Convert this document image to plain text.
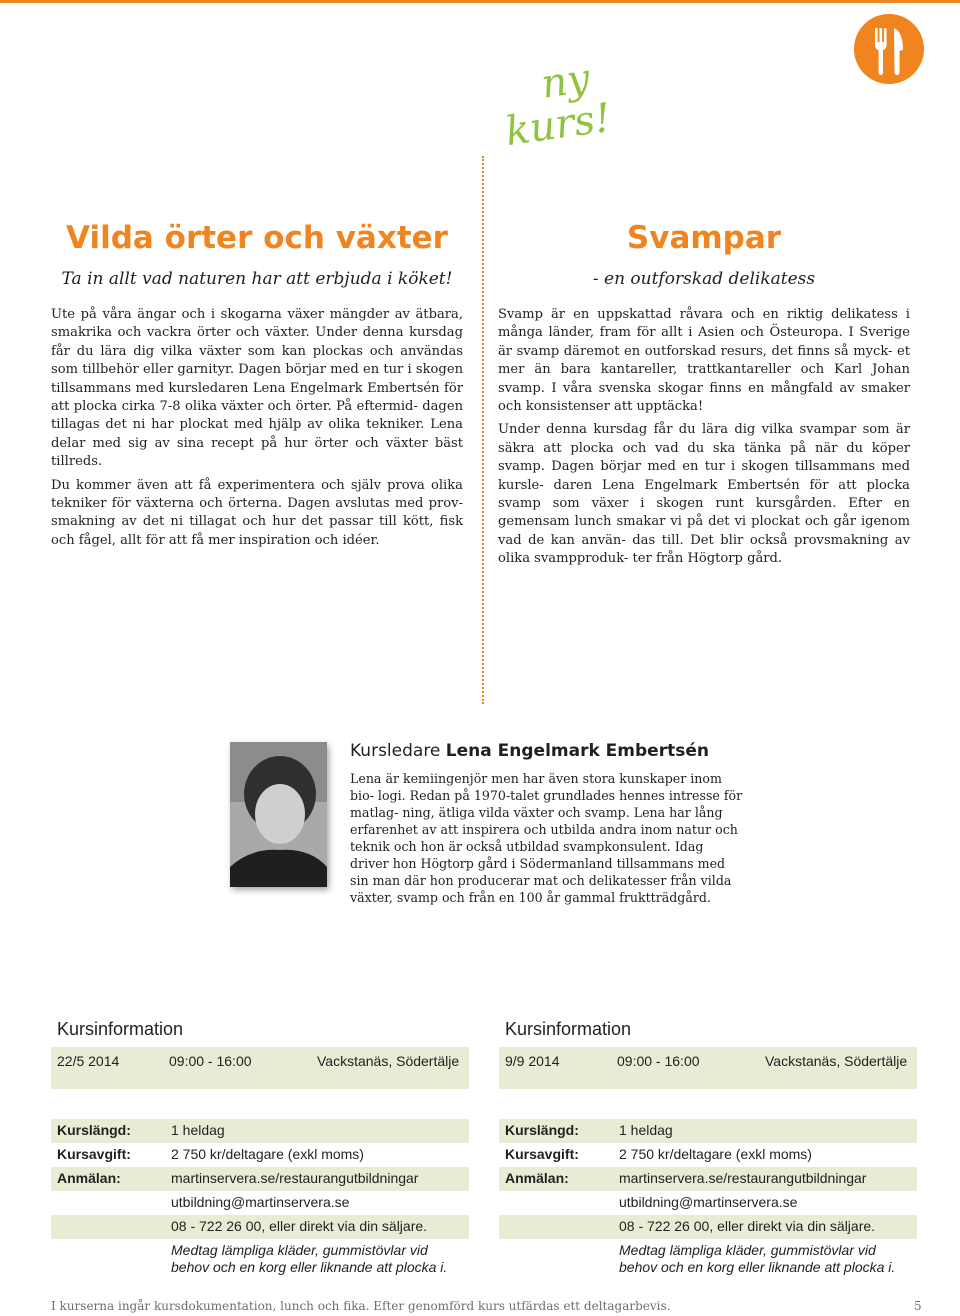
ny
kurs!
Vilda örter och växter

Ta in allt vad naturen har att erbjuda i köket!

Ute på våra ängar och i skogarna växer mängder av ätbara, smakrika och vackra örter och växter. Under denna kursdag får du lära dig vilka växter som kan plockas och användas som tillbehör eller garnityr. Dagen börjar med en tur i skogen tillsammans med kursledaren Lena Engelmark Embertsén för att plocka cirka 7-8 olika växter och örter. På eftermid- dagen tillagas det ni har plockat med hjälp av olika tekniker. Lena delar med sig av sina recept på hur örter och växter bäst tillreds.

Du kommer även att få experimentera och själv prova olika tekniker för växterna och örterna. Dagen avslutas med prov- smakning av det ni tillagat och hur det passar till kött, fisk och fågel, allt för att få mer inspiration och idéer.

Svampar

- en outforskad delikatess

Svamp är en uppskattad råvara och en riktig delikatess i många länder, fram för allt i Asien och Östeuropa. I Sverige är svamp däremot en outforskad resurs, det finns så myck- et mer än bara kantareller, trattkantareller och Karl Johan svamp. I våra svenska skogar finns en mångfald av smaker och konsistenser att upptäcka!

Under denna kursdag får du lära dig vilka svampar som är säkra att plocka och vad du ska tänka på när du köper svamp. Dagen börjar med en tur i skogen tillsammans med kursle- daren Lena Engelmark Embertsén för att plocka svamp som växer i skogen runt kursgården. Efter en gemensam lunch smakar vi på det vi plockat och går igenom vad de kan använ- das till. Det blir också provsmakning av olika svampproduk- ter från Högtorp gård.

Kursledare Lena Engelmark Embertsén

Lena är kemiingenjör men har även stora kunskaper inom bio- logi. Redan på 1970-talet grundlades hennes intresse för matlag- ning, ätliga vilda växter och svamp. Lena har lång erfarenhet av att inspirera och utbilda andra inom natur och teknik och hon är också utbildad svampkonsulent. Idag driver hon Högtorp gård i Södermanland tillsammans med sin man där hon producerar mat och delikatesser från vilda växter, svamp och från en 100 år gammal fruktträdgård.

Kursinformation
22/5 2014	09:00 - 16:00	Vackstanäs, Södertälje
Kurslängd:	1 heldag
Kursavgift:	2 750 kr/deltagare (exkl moms)
Anmälan:	martinservera.se/restaurangutbildningar
utbildning@martinservera.se
08 - 722 26 00, eller direkt via din säljare.
Medtag lämpliga kläder, gummistövlar vid behov och en korg eller liknande att plocka i.
Kursinformation
9/9 2014	09:00 - 16:00	Vackstanäs, Södertälje
Kurslängd:	1 heldag
Kursavgift:	2 750 kr/deltagare (exkl moms)
Anmälan:	martinservera.se/restaurangutbildningar
utbildning@martinservera.se
08 - 722 26 00, eller direkt via din säljare.
Medtag lämpliga kläder, gummistövlar vid behov och en korg eller liknande att plocka i.
I kurserna ingår kursdokumentation, lunch och fika. Efter genomförd kurs utfärdas ett deltagarbevis.	5
